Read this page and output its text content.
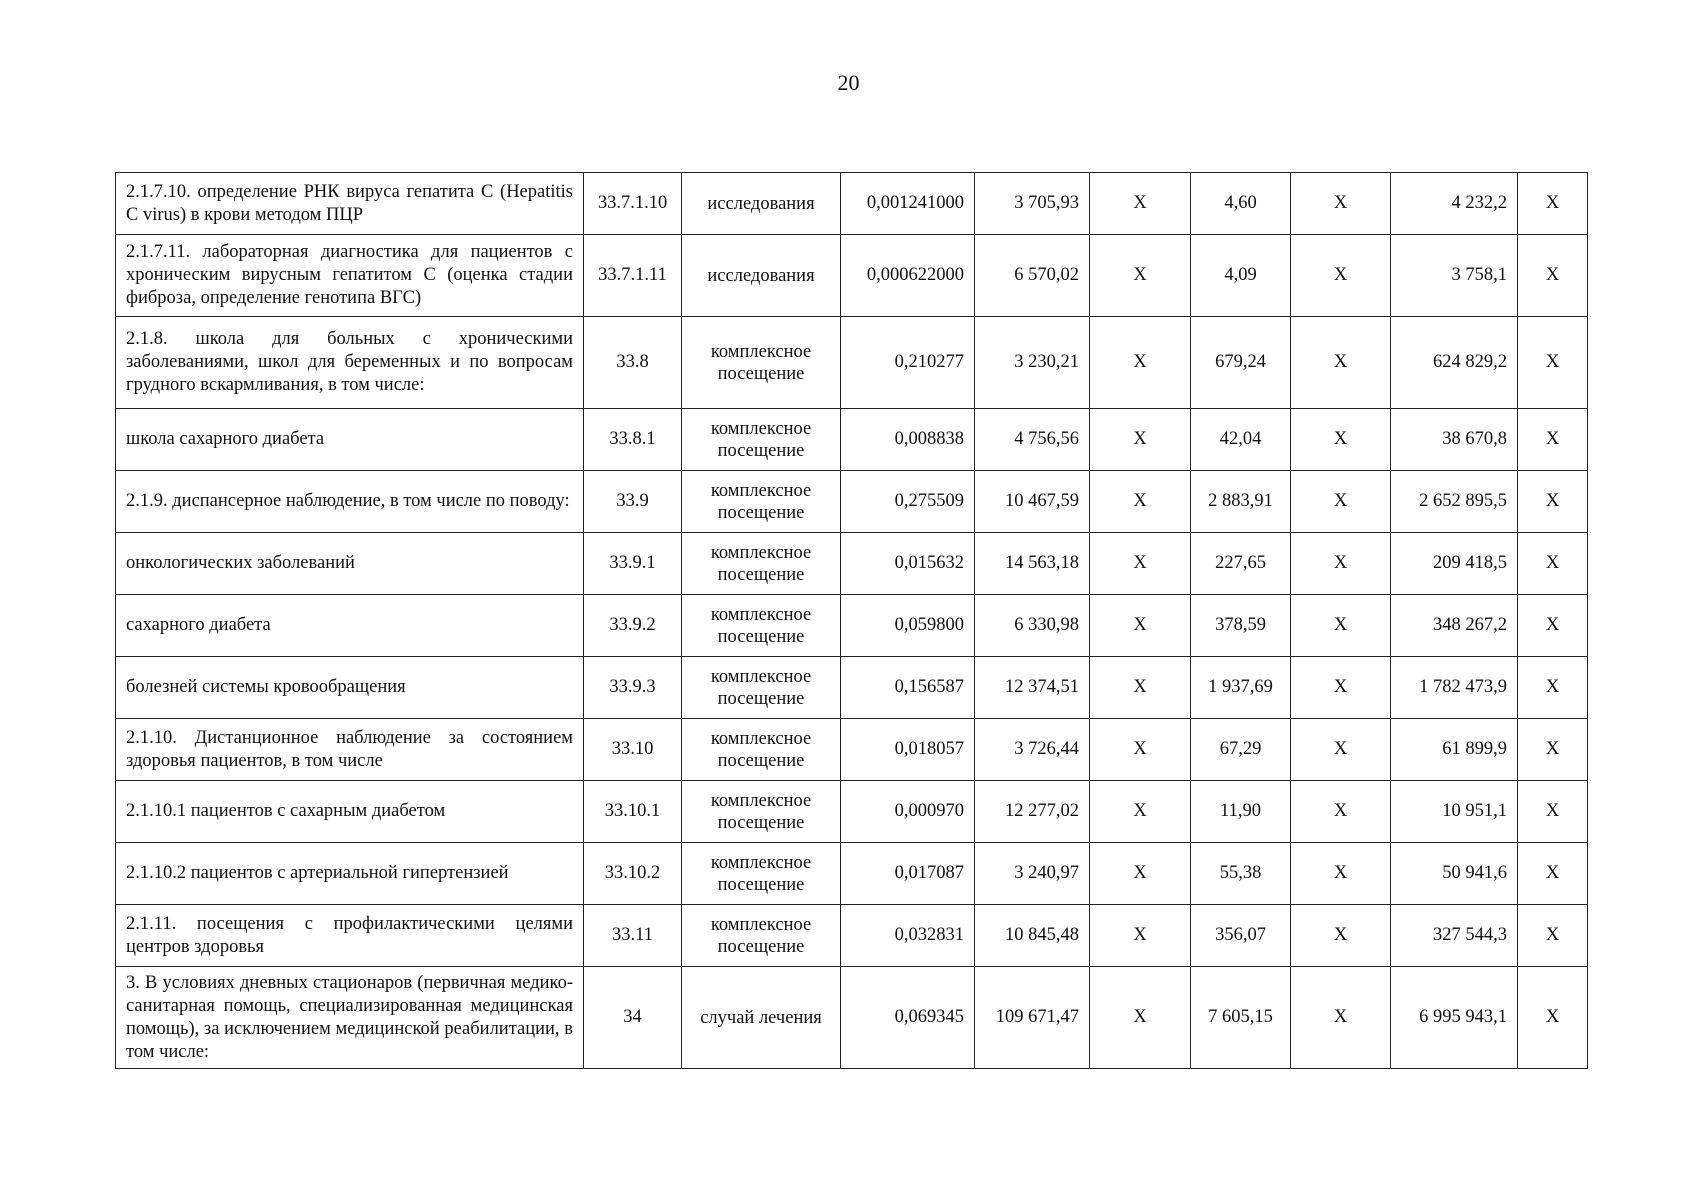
20
2.1.7.10. определение РНК вируса гепатита C (Hepatitis C virus) в крови методом ПЦР	33.7.1.10	исследования	0,001241000	3 705,93	Х	4,60	Х	4 232,2	Х
2.1.7.11. лабораторная диагностика для пациентов с хроническим вирусным гепатитом C (оценка стадии фиброза, определение генотипа ВГС)	33.7.1.11	исследования	0,000622000	6 570,02	Х	4,09	Х	3 758,1	Х
2.1.8. школа для больных с хроническими заболеваниями, школ для беременных и по вопросам грудного вскармливания, в том числе:	33.8	комплексное посещение	0,210277	3 230,21	Х	679,24	Х	624 829,2	Х
школа сахарного диабета	33.8.1	комплексное посещение	0,008838	4 756,56	Х	42,04	Х	38 670,8	Х
2.1.9. диспансерное наблюдение, в том числе по поводу:	33.9	комплексное посещение	0,275509	10 467,59	Х	2 883,91	Х	2 652 895,5	Х
онкологических заболеваний	33.9.1	комплексное посещение	0,015632	14 563,18	Х	227,65	Х	209 418,5	Х
сахарного диабета	33.9.2	комплексное посещение	0,059800	6 330,98	Х	378,59	Х	348 267,2	Х
болезней системы кровообращения	33.9.3	комплексное посещение	0,156587	12 374,51	Х	1 937,69	Х	1 782 473,9	Х
2.1.10. Дистанционное наблюдение за состоянием здоровья пациентов, в том числе	33.10	комплексное посещение	0,018057	3 726,44	Х	67,29	Х	61 899,9	Х
2.1.10.1 пациентов с сахарным диабетом	33.10.1	комплексное посещение	0,000970	12 277,02	Х	11,90	Х	10 951,1	Х
2.1.10.2 пациентов с артериальной гипертензией	33.10.2	комплексное посещение	0,017087	3 240,97	Х	55,38	Х	50 941,6	Х
2.1.11. посещения с профилактическими целями центров здоровья	33.11	комплексное посещение	0,032831	10 845,48	Х	356,07	Х	327 544,3	Х
3. В условиях дневных стационаров (первичная медико-санитарная помощь, специализированная медицинская помощь), за исключением медицинской реабилитации, в том числе:	34	случай лечения	0,069345	109 671,47	Х	7 605,15	Х	6 995 943,1	Х
